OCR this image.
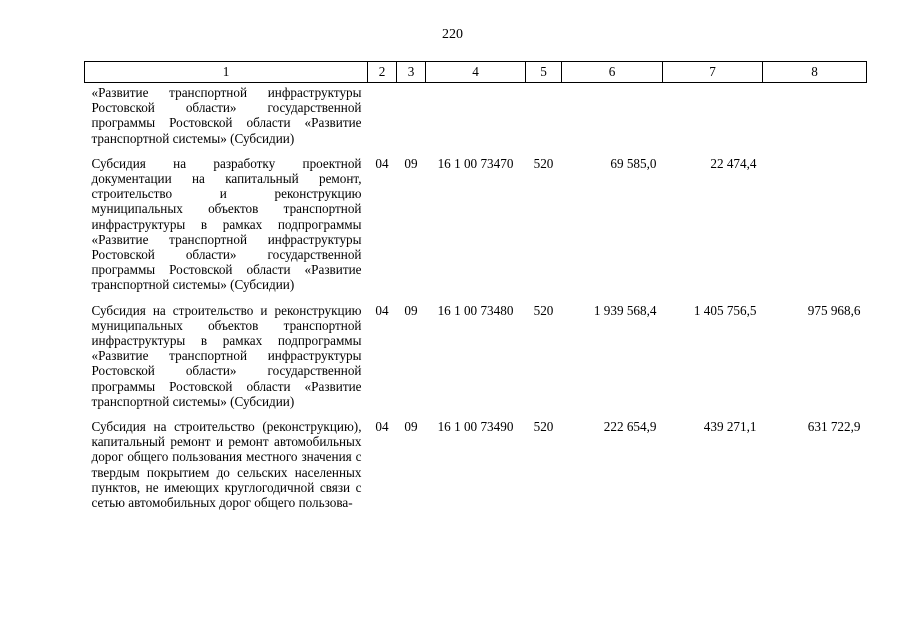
220
1	2	3	4	5	6	7	8
«Развитие транспортной инфраструктуры Ростовской области» государственной программы Ростовской области «Развитие транспортной системы» (Субсидии)							
Субсидия на разработку проектной документации на капитальный ремонт, строительство и реконструкцию муниципальных объектов транспортной инфраструктуры в рамках подпрограммы «Развитие транспортной инфраструктуры Ростовской области» государственной программы Ростовской области «Развитие транспортной системы» (Субсидии)	04	09	16 1 00 73470	520	69 585,0	22 474,4	
Субсидия на строительство и реконструкцию муниципальных объектов транспортной инфраструктуры в рамках подпрограммы «Развитие транспортной инфраструктуры Ростовской области» государственной программы Ростовской области «Развитие транспортной системы» (Субсидии)	04	09	16 1 00 73480	520	1 939 568,4	1 405 756,5	975 968,6
Субсидия на строительство (реконструкцию), капитальный ремонт и ремонт автомобильных дорог общего пользования местного значения с твердым покрытием до сельских населенных пунктов, не имеющих круглогодичной связи с сетью автомобильных дорог общего пользова-	04	09	16 1 00 73490	520	222 654,9	439 271,1	631 722,9
